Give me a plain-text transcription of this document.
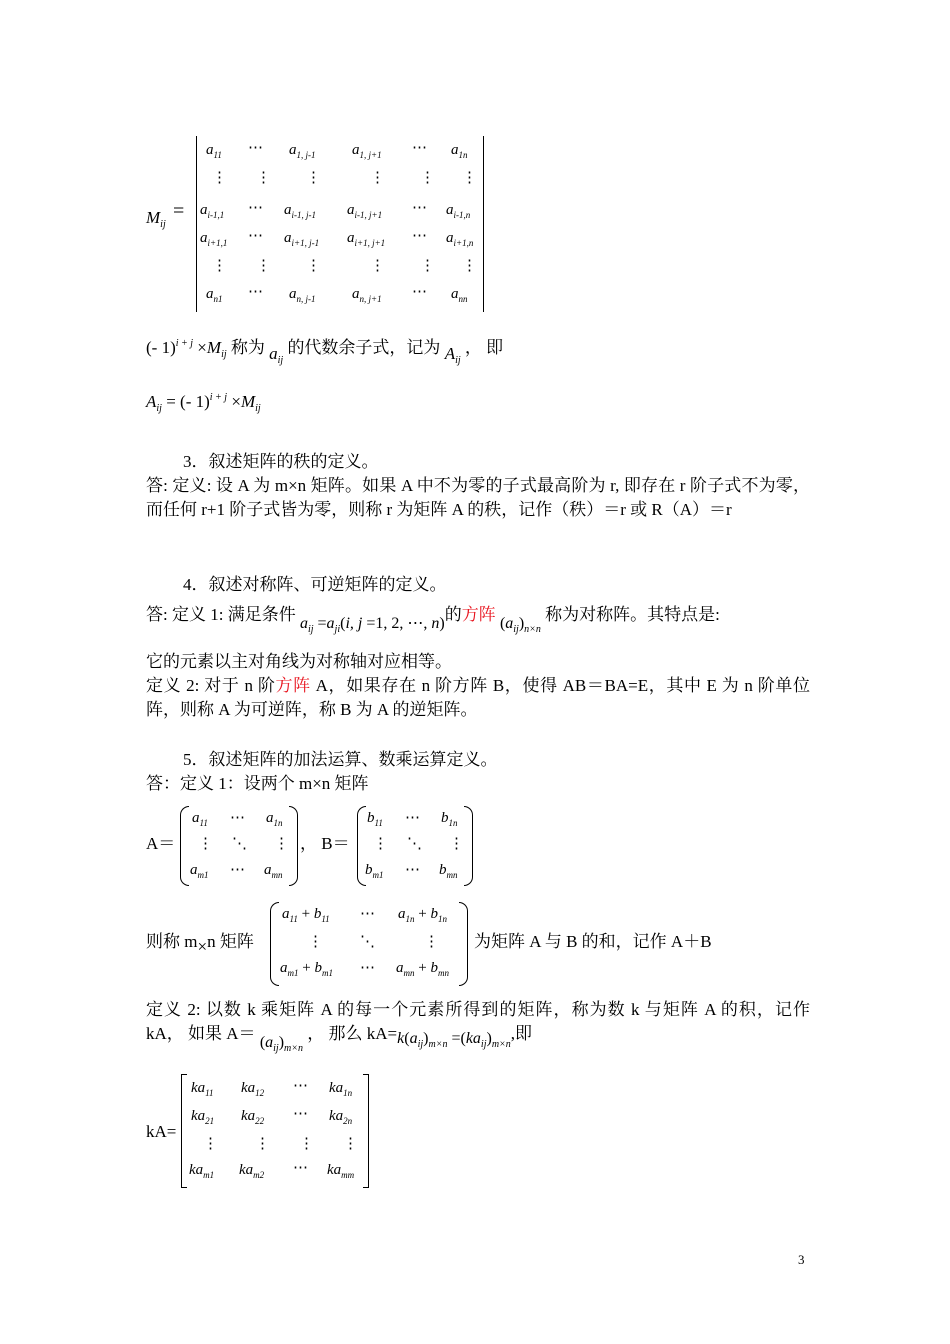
$M_{ij}$
=
$a_{11}$ ⋯ $a_{1, j-1}$ $a_{1, j+1}$ ⋯ $a_{1n}$
⋮ ⋮ ⋮	⋮ ⋮ ⋮
$a_{i-1,1}$ ⋯ $a_{i-1, j-1}$ $a_{i-1, j+1}$ ⋯ $a_{i-1,n}$
$a_{i+1,1}$ ⋯ $a_{i+1, j-1}$ $a_{i+1, j+1}$ ⋯ $a_{i+1,n}$
⋮ ⋮ ⋮	⋮ ⋮ ⋮
$a_{n1}$ ⋯ $a_{n, j-1}$ $a_{n, j+1}$ ⋯ $a_{nn}$
(- $1)^{i + j} \times M_{ij}$ 称为 $a_{ij}$ 的代数余子式，记为 $A_{ij}$ ， 即
$A_{ij}$ = (- $1)^{i + j} \times M_{ij}$
3．叙述矩阵的秩的定义。
答: 定义: 设 A 为 m×n 矩阵。如果 A 中不为零的子式最高阶为 r, 即存在 r 阶子式不为零，而任何 r+1 阶子式皆为零，则称 r 为矩阵 A 的秩，记作（秩）＝r 或 R（A）＝r
4．叙述对称阵、可逆矩阵的定义。
答: 定义 1: 满足条件 $a_{ij} =a_{ji}(i$, j =1, 2, ⋯, n)的方阵 $(a_{ij})_{n\times n}$ 称为对称阵。其特点是:
它的元素以主对角线为对称轴对应相等。
定义 2: 对于 n 阶方阵 A，如果存在 n 阶方阵 B，使得 AB＝BA=E，其中 E 为 n 阶单位阵，则称 A 为可逆阵，称 B 为 A 的逆矩阵。
5．叙述矩阵的加法运算、数乘运算定义。
答：定义 1：设两个 m×n 矩阵
A＝
$a_{11}$ ⋯ $a_{1n}$
⋮ ⋱ ⋮
$a_{m1}$ ⋯ $a_{mn}$
， B＝
$b_{11}$ ⋯ $b_{1n}$
⋮ ⋱ ⋮
$b_{m1}$ ⋯ $b_{mn}$
则称 m×n 矩阵
$a_{11} + b_{11}$ ⋯ $a_{1n} + b_{1n}$
⋮ ⋱	⋮
$a_{m1} + b_{m1}$ ⋯ $a_{mn} + b_{mn}$
为矩阵 A 与 B 的和，记作 A＋B
定义 2: 以数 k 乘矩阵 A 的每一个元素所得到的矩阵，称为数 k 与矩阵 A 的积，记作 kA， 如果 $A= (a_{ij})_{m\times n}$ ， 那么 $kA=k(a_{ij})_{m\times n} =(ka_{ij})_{m\times n}$,即
kA=
$ka_{11}$ $ka_{12}$ ⋯ $ka_{1n}$
$ka_{21}$ $ka_{22}$ ⋯ $ka_{2n}$
⋮ ⋮ ⋮ ⋮
$ka_{m1}$ $ka_{m2}$ ⋯ $ka_{mm}$
3
